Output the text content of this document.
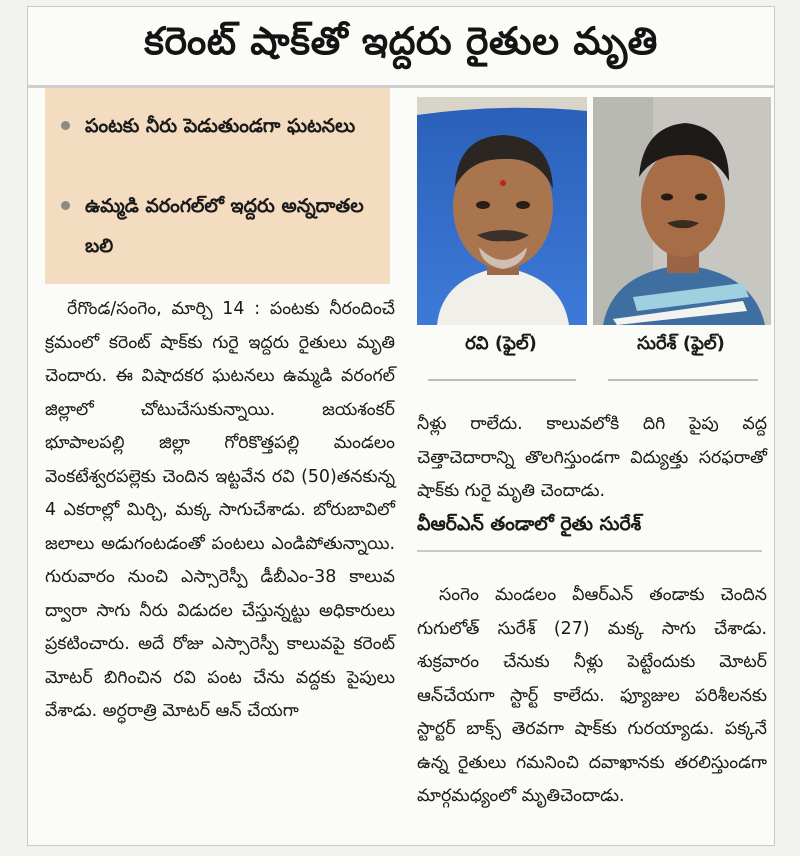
కరెంట్ షాక్‌తో ఇద్దరు రైతుల మృతి
పంటకు నీరు పెడుతుండగా ఘటనలు
ఉమ్మడి వరంగల్‌లో ఇద్దరు అన్నదాతల బలి

రేగొండ/సంగెం, మార్చి 14 : పంటకు నీరందించే క్రమంలో కరెంట్ షాక్‌కు గురై ఇద్దరు రైతులు మృతి చెందారు. ఈ విషాదకర ఘటనలు ఉమ్మడి వరంగల్ జిల్లాలో చోటుచేసుకున్నాయి. జయశంకర్ భూపాలపల్లి జిల్లా గోరికొత్తపల్లి మండలం వెంకటేశ్వరపల్లెకు చెందిన ఇట్టవేన రవి (50)తనకున్న 4 ఎకరాల్లో మిర్చి, మక్క సాగుచేశాడు. బోరుబావిలో జలాలు అడుగంటడంతో పంటలు ఎండిపోతున్నాయి. గురువారం నుంచి ఎస్సారెస్పీ డీబీఎం-38 కాలువ ద్వారా సాగు నీరు విడుదల చేస్తున్నట్టు అధికారులు ప్రకటించారు. అదే రోజు ఎస్సారెస్పీ కాలువపై కరెంట్ మోటర్ బిగించిన రవి పంట చేను వద్దకు పైపులు వేశాడు. అర్ధరాత్రి మోటర్ ఆన్ చేయగా

రవి (ఫైల్)	సురేశ్ (ఫైల్)

నీళ్లు రాలేదు. కాలువలోకి దిగి పైపు వద్ద చెత్తాచెదారాన్ని తొలగిస్తుండగా విద్యుత్తు సరఫరాతో షాక్‌కు గురై మృతి చెందాడు.

వీఆర్ఎన్ తండాలో రైతు సురేశ్

సంగెం మండలం వీఆర్ఎన్ తండాకు చెందిన గుగులోత్ సురేశ్ (27) మక్క సాగు చేశాడు. శుక్రవారం చేనుకు నీళ్లు పెట్టేందుకు మోటర్ ఆన్‌చేయగా స్టార్ట్ కాలేదు. ఫ్యూజుల పరిశీలనకు స్టార్టర్ బాక్స్ తెరవగా షాక్‌కు గురయ్యాడు. పక్కనే ఉన్న రైతులు గమనించి దవాఖానకు తరలిస్తుండగా మార్గమధ్యంలో మృతిచెందాడు.
